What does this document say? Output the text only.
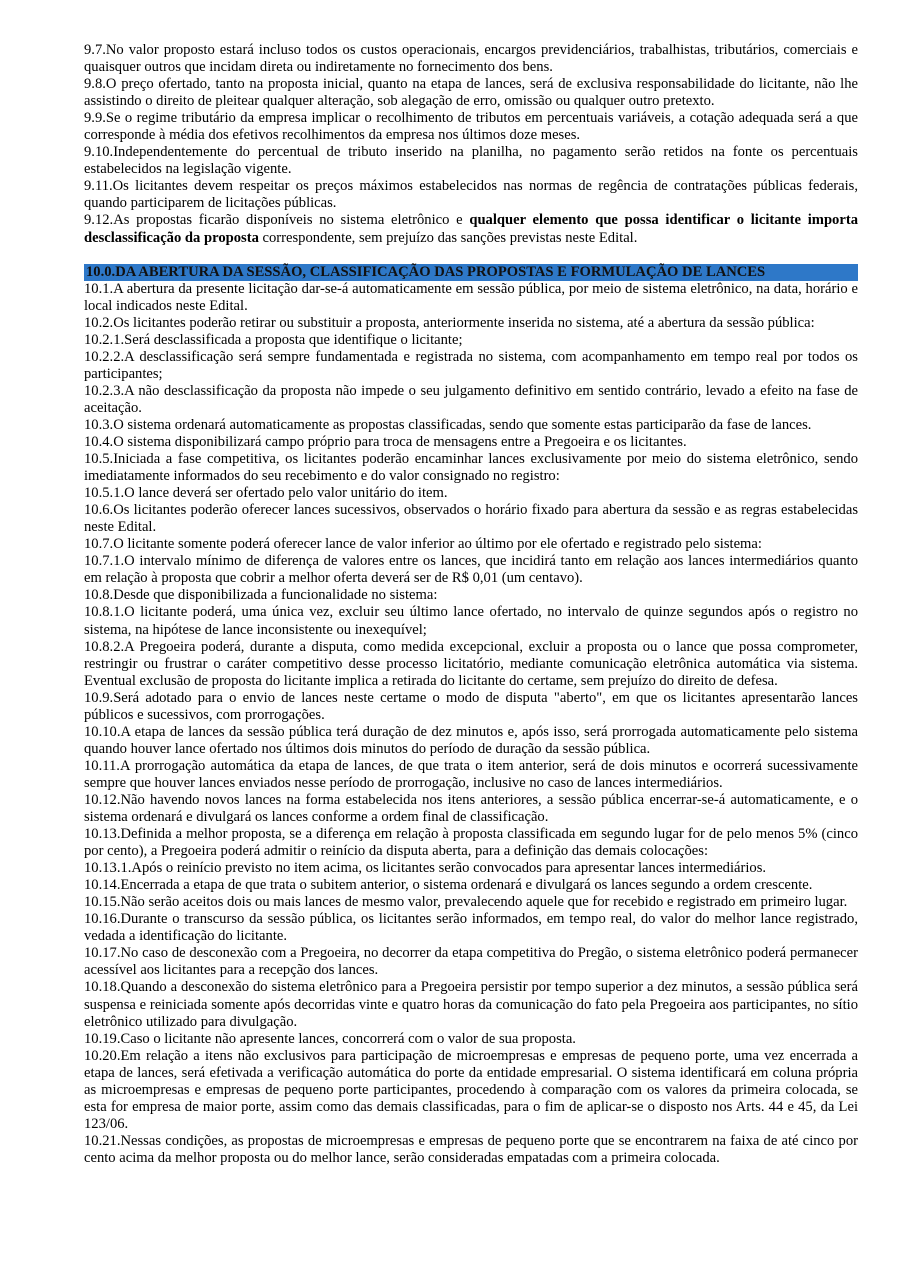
9.7.No valor proposto estará incluso todos os custos operacionais, encargos previdenciários, trabalhistas, tributários, comerciais e quaisquer outros que incidam direta ou indiretamente no fornecimento dos bens.

9.8.O preço ofertado, tanto na proposta inicial, quanto na etapa de lances, será de exclusiva responsabilidade do licitante, não lhe assistindo o direito de pleitear qualquer alteração, sob alegação de erro, omissão ou qualquer outro pretexto.

9.9.Se o regime tributário da empresa implicar o recolhimento de tributos em percentuais variáveis, a cotação adequada será a que corresponde à média dos efetivos recolhimentos da empresa nos últimos doze meses.

9.10.Independentemente do percentual de tributo inserido na planilha, no pagamento serão retidos na fonte os percentuais estabelecidos na legislação vigente.

9.11.Os licitantes devem respeitar os preços máximos estabelecidos nas normas de regência de contratações públicas federais, quando participarem de licitações públicas.

9.12.As propostas ficarão disponíveis no sistema eletrônico e qualquer elemento que possa identificar o licitante importa desclassificação da proposta correspondente, sem prejuízo das sanções previstas neste Edital.

10.0.DA ABERTURA DA SESSÃO, CLASSIFICAÇÃO DAS PROPOSTAS E FORMULAÇÃO DE LANCES

10.1.A abertura da presente licitação dar-se-á automaticamente em sessão pública, por meio de sistema eletrônico, na data, horário e local indicados neste Edital.

10.2.Os licitantes poderão retirar ou substituir a proposta, anteriormente inserida no sistema, até a abertura da sessão pública:

10.2.1.Será desclassificada a proposta que identifique o licitante;

10.2.2.A desclassificação será sempre fundamentada e registrada no sistema, com acompanhamento em tempo real por todos os participantes;

10.2.3.A não desclassificação da proposta não impede o seu julgamento definitivo em sentido contrário, levado a efeito na fase de aceitação.

10.3.O sistema ordenará automaticamente as propostas classificadas, sendo que somente estas participarão da fase de lances.

10.4.O sistema disponibilizará campo próprio para troca de mensagens entre a Pregoeira e os licitantes.

10.5.Iniciada a fase competitiva, os licitantes poderão encaminhar lances exclusivamente por meio do sistema eletrônico, sendo imediatamente informados do seu recebimento e do valor consignado no registro:

10.5.1.O lance deverá ser ofertado pelo valor unitário do item.

10.6.Os licitantes poderão oferecer lances sucessivos, observados o horário fixado para abertura da sessão e as regras estabelecidas neste Edital.

10.7.O licitante somente poderá oferecer lance de valor inferior ao último por ele ofertado e registrado pelo sistema:

10.7.1.O intervalo mínimo de diferença de valores entre os lances, que incidirá tanto em relação aos lances intermediários quanto em relação à proposta que cobrir a melhor oferta deverá ser de R$ 0,01 (um centavo).

10.8.Desde que disponibilizada a funcionalidade no sistema:

10.8.1.O licitante poderá, uma única vez, excluir seu último lance ofertado, no intervalo de quinze segundos após o registro no sistema, na hipótese de lance inconsistente ou inexequível;

10.8.2.A Pregoeira poderá, durante a disputa, como medida excepcional, excluir a proposta ou o lance que possa comprometer, restringir ou frustrar o caráter competitivo desse processo licitatório, mediante comunicação eletrônica automática via sistema. Eventual exclusão de proposta do licitante implica a retirada do licitante do certame, sem prejuízo do direito de defesa.

10.9.Será adotado para o envio de lances neste certame o modo de disputa "aberto", em que os licitantes apresentarão lances públicos e sucessivos, com prorrogações.

10.10.A etapa de lances da sessão pública terá duração de dez minutos e, após isso, será prorrogada automaticamente pelo sistema quando houver lance ofertado nos últimos dois minutos do período de duração da sessão pública.

10.11.A prorrogação automática da etapa de lances, de que trata o item anterior, será de dois minutos e ocorrerá sucessivamente sempre que houver lances enviados nesse período de prorrogação, inclusive no caso de lances intermediários.

10.12.Não havendo novos lances na forma estabelecida nos itens anteriores, a sessão pública encerrar-se-á automaticamente, e o sistema ordenará e divulgará os lances conforme a ordem final de classificação.

10.13.Definida a melhor proposta, se a diferença em relação à proposta classificada em segundo lugar for de pelo menos 5% (cinco por cento), a Pregoeira poderá admitir o reinício da disputa aberta, para a definição das demais colocações:

10.13.1.Após o reinício previsto no item acima, os licitantes serão convocados para apresentar lances intermediários.

10.14.Encerrada a etapa de que trata o subitem anterior, o sistema ordenará e divulgará os lances segundo a ordem crescente.

10.15.Não serão aceitos dois ou mais lances de mesmo valor, prevalecendo aquele que for recebido e registrado em primeiro lugar.

10.16.Durante o transcurso da sessão pública, os licitantes serão informados, em tempo real, do valor do melhor lance registrado, vedada a identificação do licitante.

10.17.No caso de desconexão com a Pregoeira, no decorrer da etapa competitiva do Pregão, o sistema eletrônico poderá permanecer acessível aos licitantes para a recepção dos lances.

10.18.Quando a desconexão do sistema eletrônico para a Pregoeira persistir por tempo superior a dez minutos, a sessão pública será suspensa e reiniciada somente após decorridas vinte e quatro horas da comunicação do fato pela Pregoeira aos participantes, no sítio eletrônico utilizado para divulgação.

10.19.Caso o licitante não apresente lances, concorrerá com o valor de sua proposta.

10.20.Em relação a itens não exclusivos para participação de microempresas e empresas de pequeno porte, uma vez encerrada a etapa de lances, será efetivada a verificação automática do porte da entidade empresarial. O sistema identificará em coluna própria as microempresas e empresas de pequeno porte participantes, procedendo à comparação com os valores da primeira colocada, se esta for empresa de maior porte, assim como das demais classificadas, para o fim de aplicar-se o disposto nos Arts. 44 e 45, da Lei 123/06.

10.21.Nessas condições, as propostas de microempresas e empresas de pequeno porte que se encontrarem na faixa de até cinco por cento acima da melhor proposta ou do melhor lance, serão consideradas empatadas com a primeira colocada.
